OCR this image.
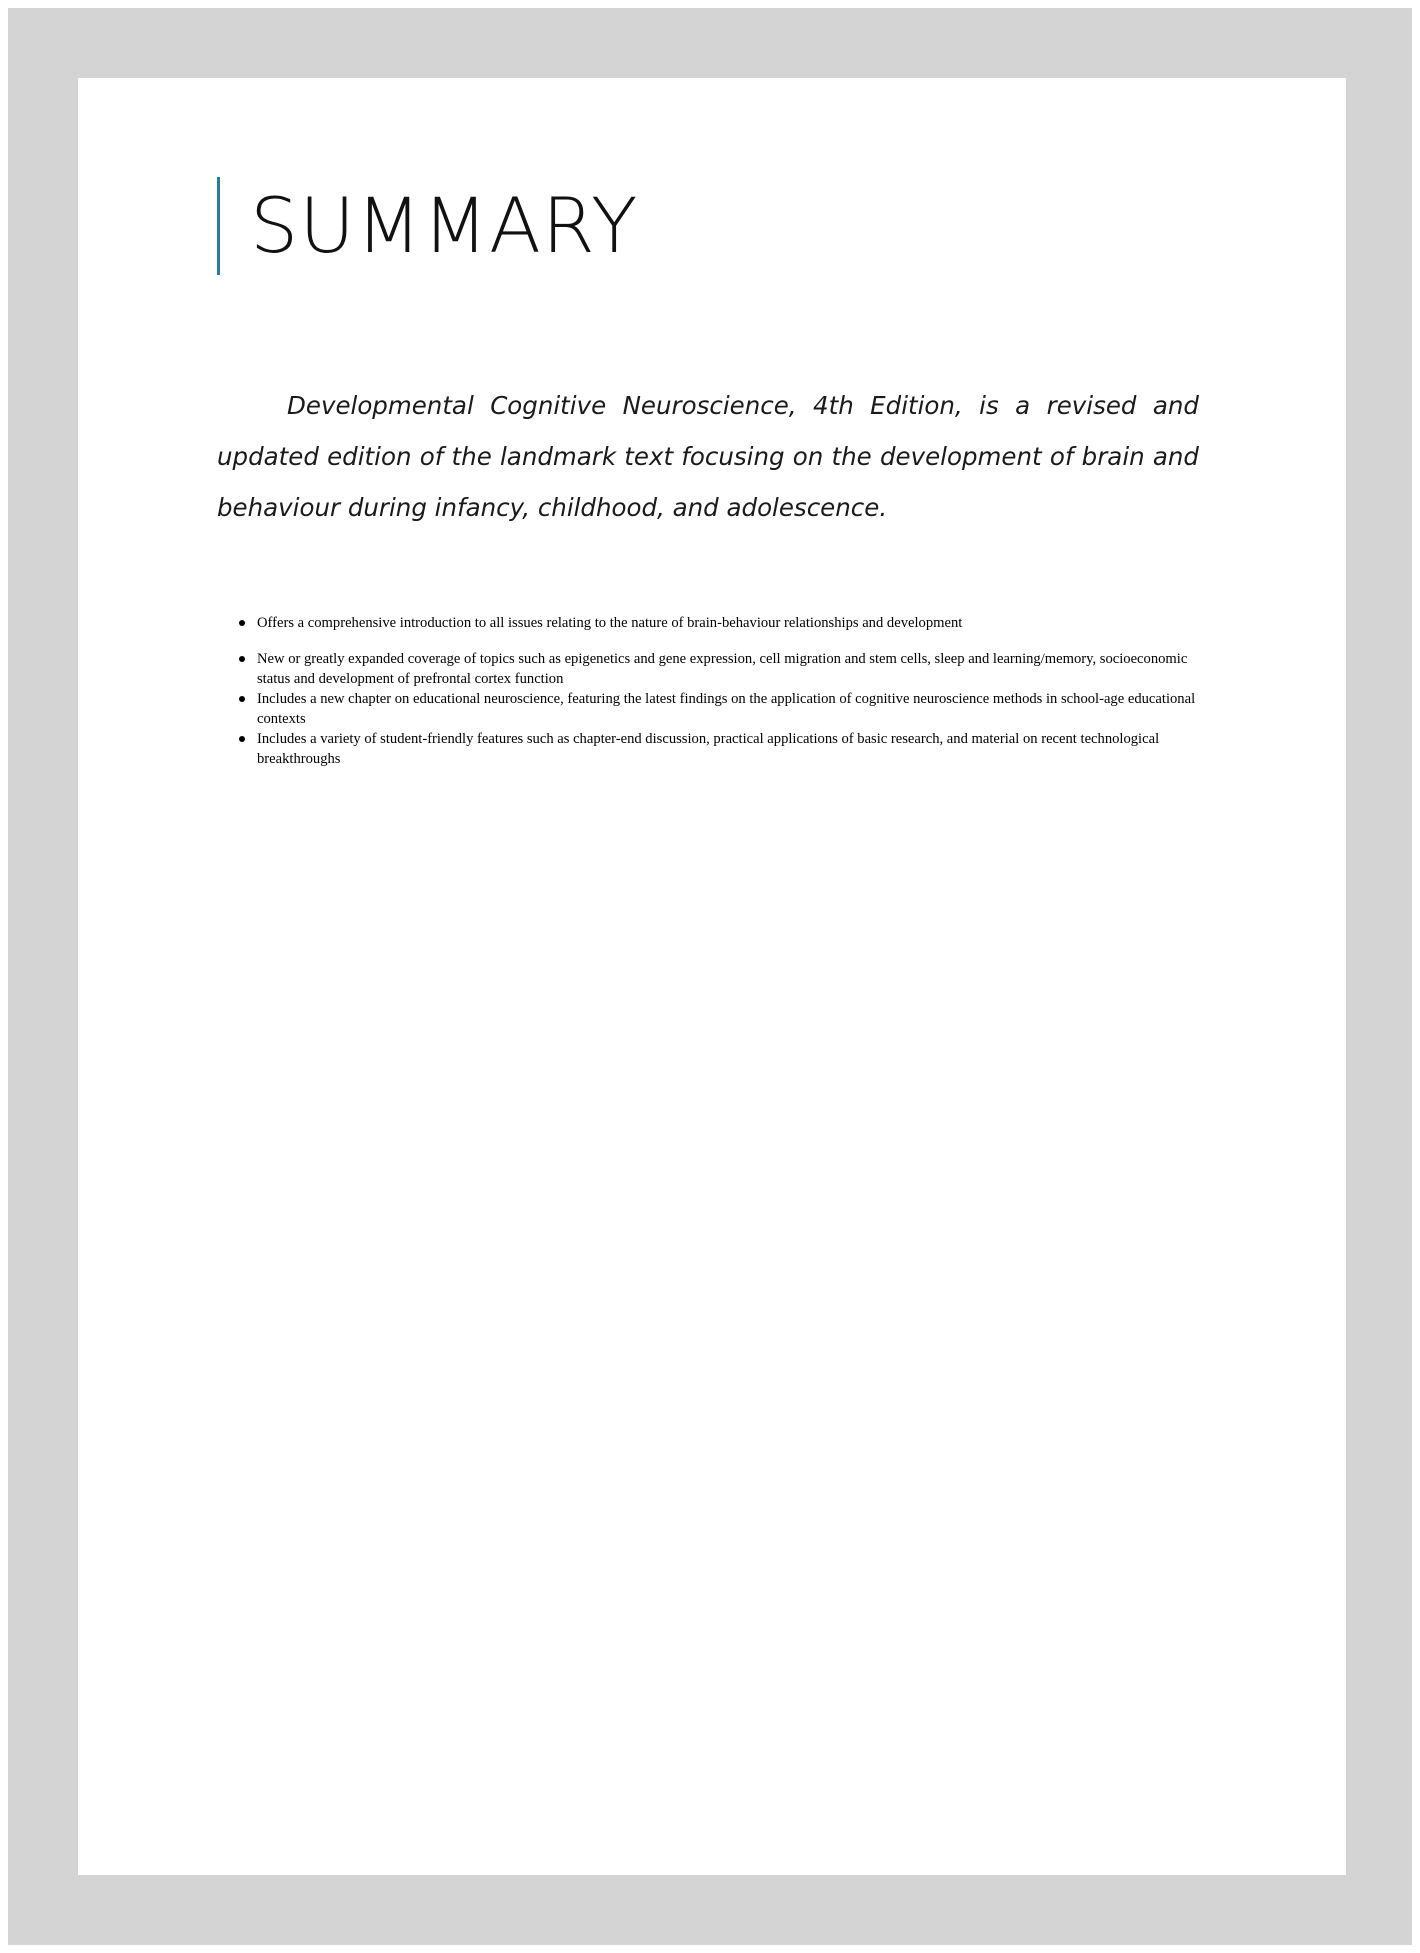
SUMMARY

Developmental Cognitive Neuroscience, 4th Edition, is a revised and updated edition of the landmark text focusing on the development of brain and behaviour during infancy, childhood, and adolescence.

Offers a comprehensive introduction to all issues relating to the nature of brain-behaviour relationships and development
New or greatly expanded coverage of topics such as epigenetics and gene expression, cell migration and stem cells, sleep and learning/memory, socioeconomic status and development of prefrontal cortex function
Includes a new chapter on educational neuroscience, featuring the latest findings on the application of cognitive neuroscience methods in school-age educational contexts
Includes a variety of student-friendly features such as chapter-end discussion, practical applications of basic research, and material on recent technological breakthroughs
